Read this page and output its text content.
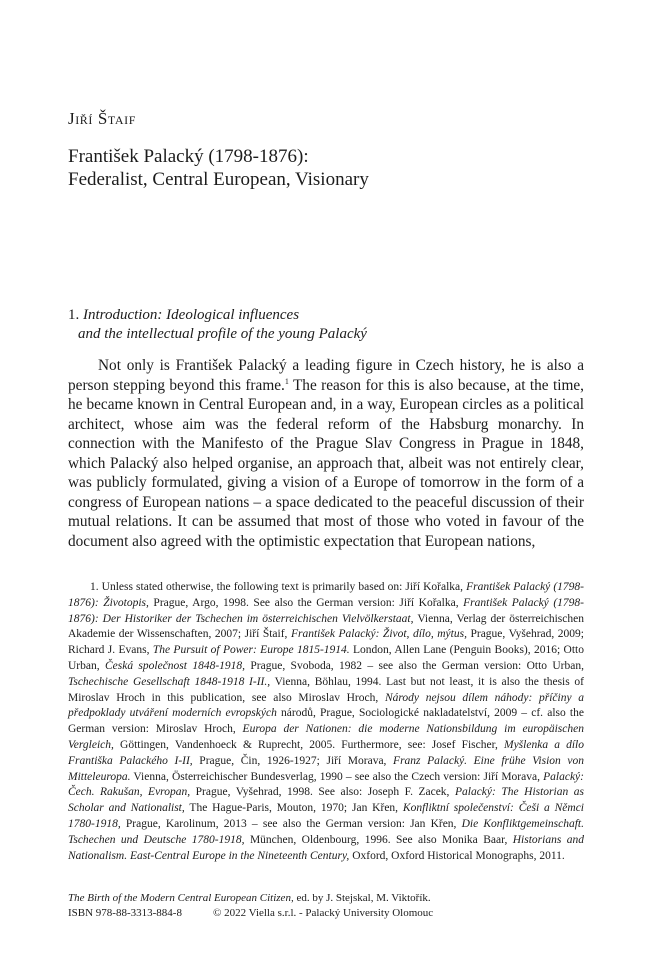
Jiří Štaif
František Palacký (1798-1876):
Federalist, Central European, Visionary
1. Introduction: Ideological influences
and the intellectual profile of the young Palacký

Not only is František Palacký a leading figure in Czech history, he is also a person stepping beyond this frame.$^1$ The reason for this is also because, at the time, he became known in Central European and, in a way, European circles as a political architect, whose aim was the federal reform of the Habsburg monarchy. In connection with the Manifesto of the Prague Slav Congress in Prague in 1848, which Palacký also helped organise, an approach that, albeit was not entirely clear, was publicly formulated, giving a vision of a Europe of tomorrow in the form of a congress of European nations – a space dedicated to the peaceful discussion of their mutual relations. It can be assumed that most of those who voted in favour of the document also agreed with the optimistic expectation that European nations,

1. Unless stated otherwise, the following text is primarily based on: Jiří Kořalka, František Palacký (1798-1876): Životopis, Prague, Argo, 1998. See also the German version: Jiří Kořalka, František Palacký (1798-1876): Der Historiker der Tschechen im österreichischen Vielvölkerstaat, Vienna, Verlag der österreichischen Akademie der Wissenschaften, 2007; Jiří Štaif, František Palacký: Život, dílo, mýtus, Prague, Vyšehrad, 2009; Richard J. Evans, The Pursuit of Power: Europe 1815-1914. London, Allen Lane (Penguin Books), 2016; Otto Urban, Česká společnost 1848-1918, Prague, Svoboda, 1982 – see also the German version: Otto Urban, Tschechische Gesellschaft 1848-1918 I-II., Vienna, Böhlau, 1994. Last but not least, it is also the thesis of Miroslav Hroch in this publication, see also Miroslav Hroch, Národy nejsou dílem náhody: příčiny a předpoklady utváření moderních evropských národů, Prague, Sociologické nakladatelství, 2009 – cf. also the German version: Miroslav Hroch, Europa der Nationen: die moderne Nationsbildung im europäischen Vergleich, Göttingen, Vandenhoeck & Ruprecht, 2005. Furthermore, see: Josef Fischer, Myšlenka a dílo Františka Palackého I-II, Prague, Čin, 1926-1927; Jiří Morava, Franz Palacký. Eine frühe Vision von Mitteleuropa. Vienna, Österreichischer Bundesverlag, 1990 – see also the Czech version: Jiří Morava, Palacký: Čech. Rakušan, Evropan, Prague, Vyšehrad, 1998. See also: Joseph F. Zacek, Palacký: The Historian as Scholar and Nationalist, The Hague-Paris, Mouton, 1970; Jan Křen, Konfliktní společenství: Češi a Němci 1780-1918, Prague, Karolinum, 2013 – see also the German version: Jan Křen, Die Konfliktgemeinschaft. Tschechen und Deutsche 1780-1918, München, Oldenbourg, 1996. See also Monika Baar, Historians and Nationalism. East-Central Europe in the Nineteenth Century, Oxford, Oxford Historical Monographs, 2011.

The Birth of the Modern Central European Citizen, ed. by J. Stejskal, M. Viktořík.
ISBN 978-88-3313-884-8	© 2022 Viella s.r.l. - Palacký University Olomouc
